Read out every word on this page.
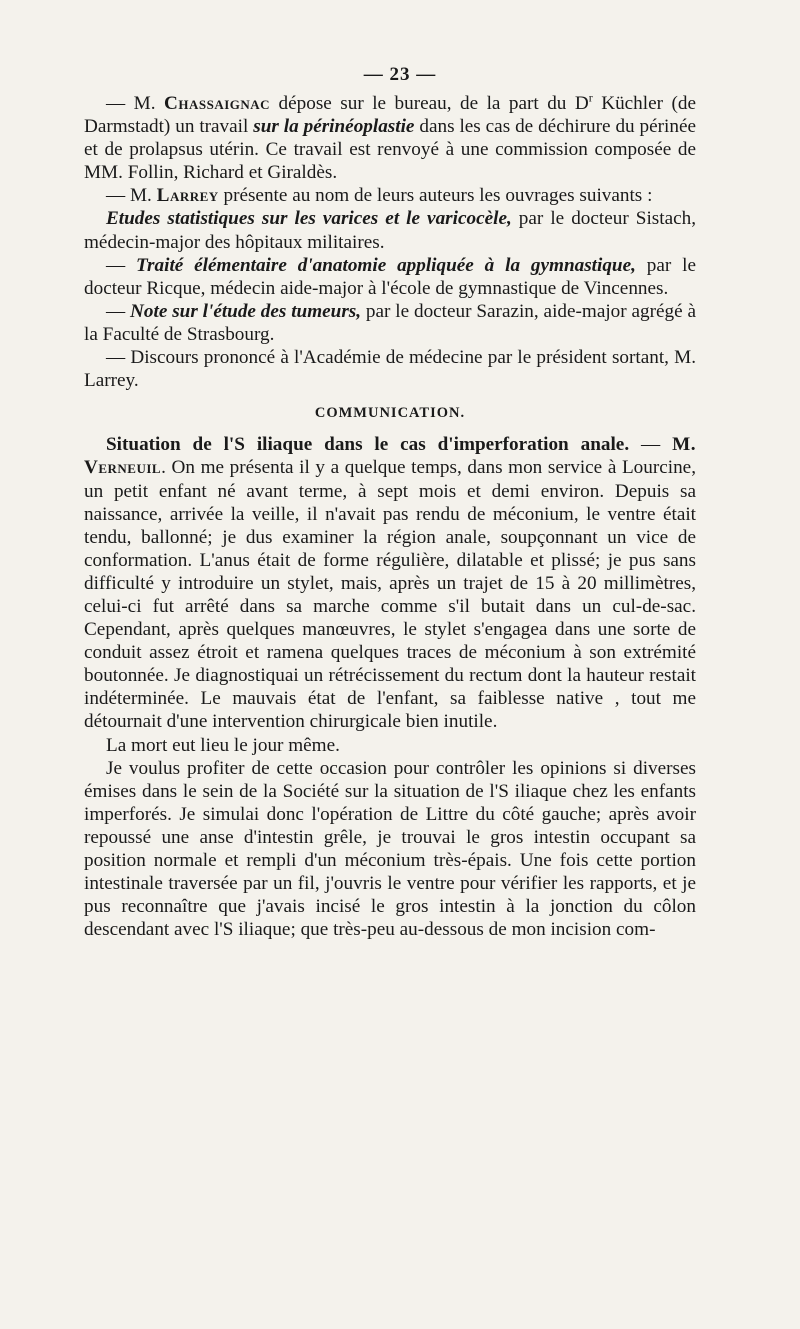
— 23 —

— M. Chassaignac dépose sur le bureau, de la part du $D^r$ Küchler (de Darmstadt) un travail sur la périnéoplastie dans les cas de déchirure du périnée et de prolapsus utérin. Ce travail est renvoyé à une commission composée de MM. Follin, Richard et Giraldès.

— M. Larrey présente au nom de leurs auteurs les ouvrages suivants :

Etudes statistiques sur les varices et le varicocèle, par le docteur Sistach, médecin-major des hôpitaux militaires.

— Traité élémentaire d'anatomie appliquée à la gymnastique, par le docteur Ricque, médecin aide-major à l'école de gymnastique de Vincennes.

— Note sur l'étude des tumeurs, par le docteur Sarazin, aide-major agrégé à la Faculté de Strasbourg.

— Discours prononcé à l'Académie de médecine par le président sortant, M. Larrey.

COMMUNICATION.

Situation de l'S iliaque dans le cas d'imperforation anale. — M. Verneuil. On me présenta il y a quelque temps, dans mon service à Lourcine, un petit enfant né avant terme, à sept mois et demi environ. Depuis sa naissance, arrivée la veille, il n'avait pas rendu de méconium, le ventre était tendu, ballonné; je dus examiner la région anale, soupçonnant un vice de conformation. L'anus était de forme régulière, dilatable et plissé; je pus sans difficulté y introduire un stylet, mais, après un trajet de 15 à 20 millimètres, celui-ci fut arrêté dans sa marche comme s'il butait dans un cul-de-sac. Cependant, après quelques manœuvres, le stylet s'engagea dans une sorte de conduit assez étroit et ramena quelques traces de méconium à son extrémité boutonnée. Je diagnostiquai un rétrécissement du rectum dont la hauteur restait indéterminée. Le mauvais état de l'enfant, sa faiblesse native , tout me détournait d'une intervention chirurgicale bien inutile.

La mort eut lieu le jour même.

Je voulus profiter de cette occasion pour contrôler les opinions si diverses émises dans le sein de la Société sur la situation de l'S iliaque chez les enfants imperforés. Je simulai donc l'opération de Littre du côté gauche; après avoir repoussé une anse d'intestin grêle, je trouvai le gros intestin occupant sa position normale et rempli d'un méconium très-épais. Une fois cette portion intestinale traversée par un fil, j'ouvris le ventre pour vérifier les rapports, et je pus reconnaître que j'avais incisé le gros intestin à la jonction du côlon descendant avec l'S iliaque; que très-peu au-dessous de mon incision com-
